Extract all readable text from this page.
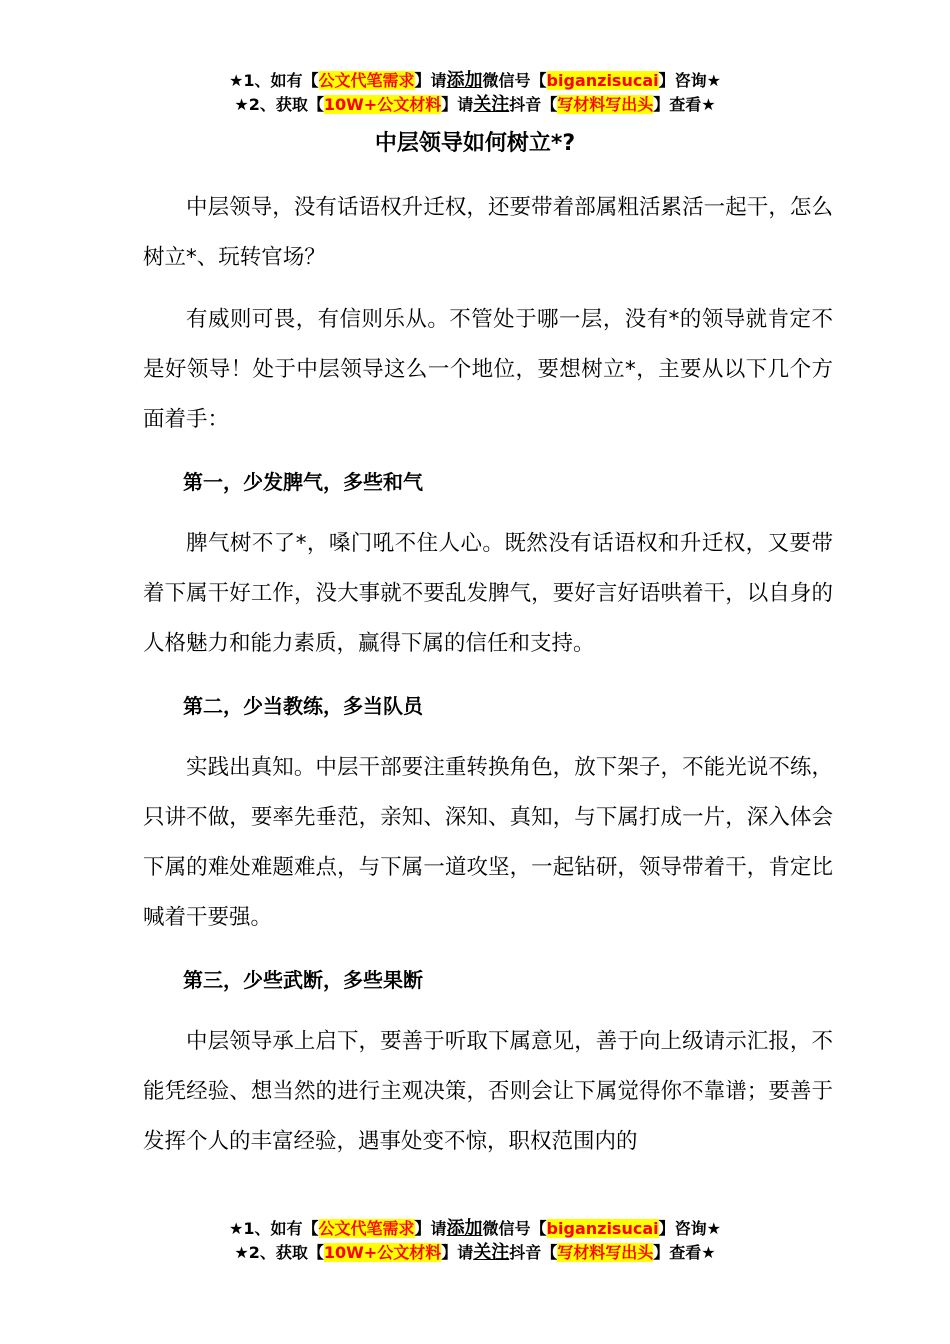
★1、如有【公文代笔需求】请添加微信号【biganzisucai】咨询★
★2、获取【10W+公文材料】请关注抖音【写材料写出头】查看★
中层领导如何树立*?

中层领导，没有话语权升迁权，还要带着部属粗活累活一起干，怎么树立*、玩转官场？

有威则可畏，有信则乐从。不管处于哪一层，没有*的领导就肯定不是好领导！处于中层领导这么一个地位，要想树立*，主要从以下几个方面着手：

第一，少发脾气，多些和气

脾气树不了*，嗓门吼不住人心。既然没有话语权和升迁权，又要带着下属干好工作，没大事就不要乱发脾气，要好言好语哄着干，以自身的人格魅力和能力素质，赢得下属的信任和支持。

第二，少当教练，多当队员

实践出真知。中层干部要注重转换角色，放下架子，不能光说不练，只讲不做，要率先垂范，亲知、深知、真知，与下属打成一片，深入体会下属的难处难题难点，与下属一道攻坚，一起钻研，领导带着干，肯定比喊着干要强。

第三，少些武断，多些果断

中层领导承上启下，要善于听取下属意见，善于向上级请示汇报，不能凭经验、想当然的进行主观决策，否则会让下属觉得你不靠谱；要善于发挥个人的丰富经验，遇事处变不惊，职权范围内的

★1、如有【公文代笔需求】请添加微信号【biganzisucai】咨询★
★2、获取【10W+公文材料】请关注抖音【写材料写出头】查看★
